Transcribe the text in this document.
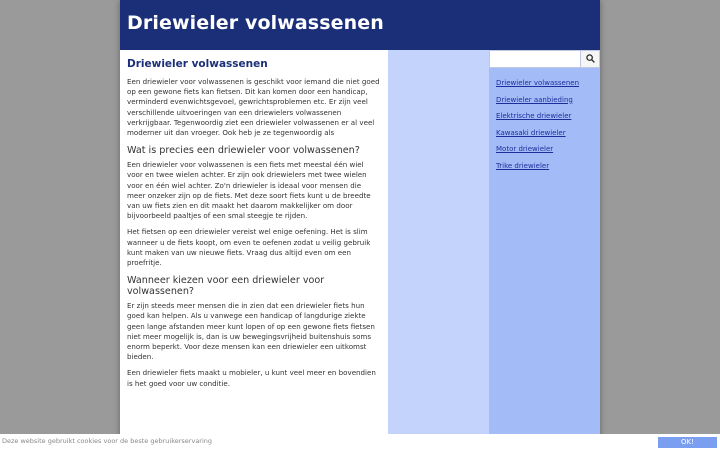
Driewieler volwassenen
Driewieler volwassenen

Een driewieler voor volwassenen is geschikt voor iemand die niet goed op een gewone fiets kan fietsen. Dit kan komen door een handicap, verminderd evenwichtsgevoel, gewrichtsproblemen etc. Er zijn veel verschillende uitvoeringen van een driewielers volwassenen verkrijgbaar. Tegenwoordig ziet een driewieler volwassenen er al veel moderner uit dan vroeger. Ook heb je ze tegenwoordig als

Wat is precies een driewieler voor volwassenen?

Een driewieler voor volwassenen is een fiets met meestal één wiel voor en twee wielen achter. Er zijn ook driewielers met twee wielen voor en één wiel achter. Zo'n driewieler is ideaal voor mensen die meer onzeker zijn op de fiets. Met deze soort fiets kunt u de breedte van uw fiets zien en dit maakt het daarom makkelijker om door bijvoorbeeld paaltjes of een smal steegje te rijden.

Het fietsen op een driewieler vereist wel enige oefening. Het is slim wanneer u de fiets koopt, om even te oefenen zodat u veilig gebruik kunt maken van uw nieuwe fiets. Vraag dus altijd even om een proefritje.

Wanneer kiezen voor een driewieler voor volwassenen?

Er zijn steeds meer mensen die in zien dat een driewieler fiets hun goed kan helpen. Als u vanwege een handicap of langdurige ziekte geen lange afstanden meer kunt lopen of op een gewone fiets fietsen niet meer mogelijk is, dan is uw bewegingsvrijheid buitenshuis soms enorm beperkt. Voor deze mensen kan een driewieler een uitkomst bieden.

Een driewieler fiets maakt u mobieler, u kunt veel meer en bovendien is het goed voor uw conditie.

Driewieler volwassenen
Driewieler aanbieding
Elektrische driewieler
Kawasaki driewieler
Motor driewieler
Trike driewieler
Deze website gebruikt cookies voor de beste gebruikerservaring	OK!
